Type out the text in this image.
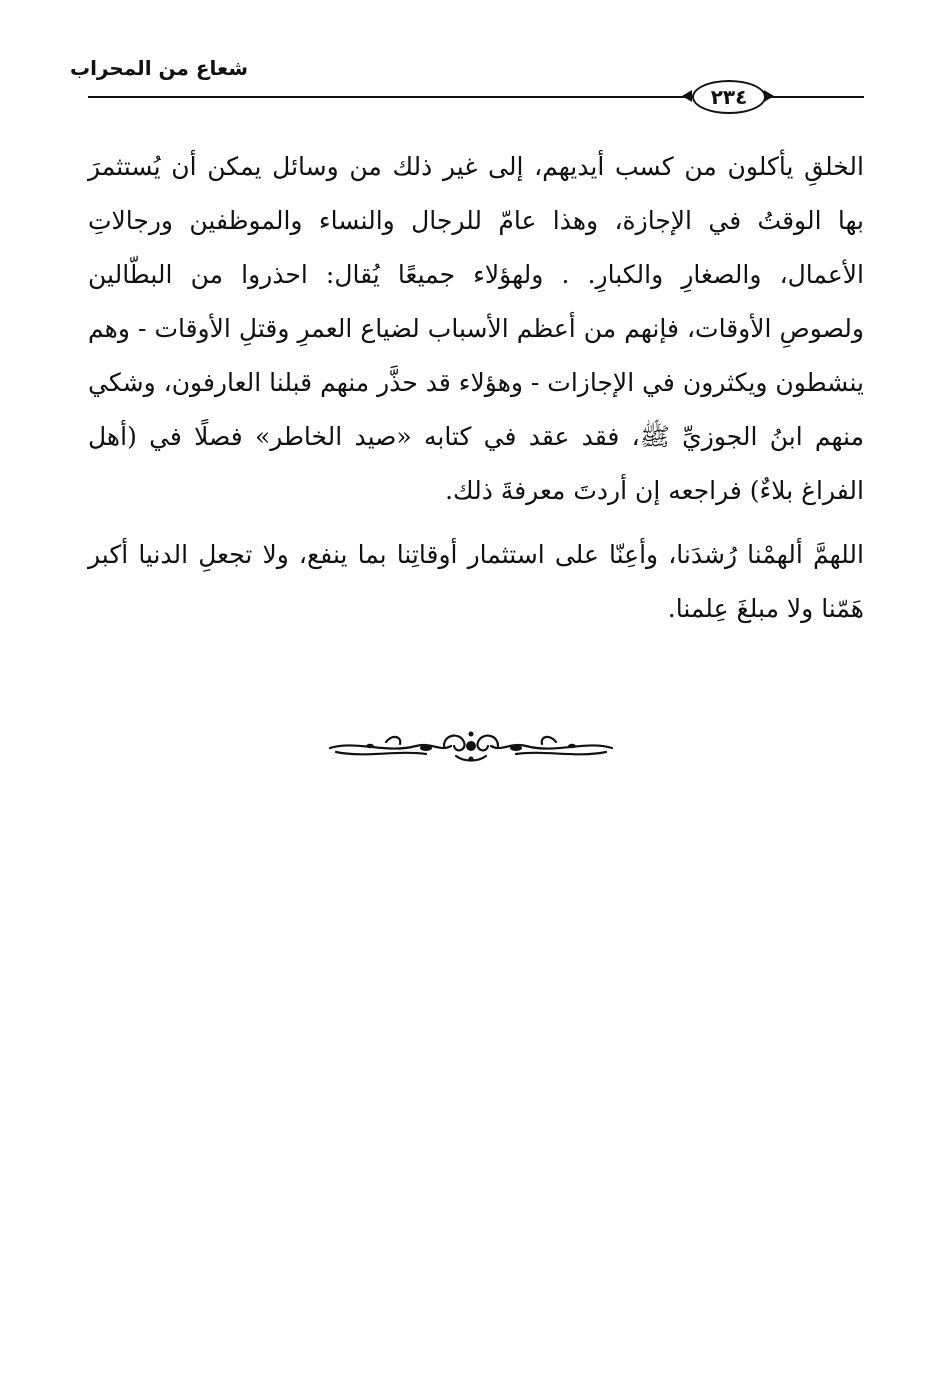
شعاع من المحراب
٢٣٤

الخلقِ يأكلون من كسب أيديهم، إلى غير ذلك من وسائل يمكن أن يُستثمرَ بها الوقتُ في الإجازة، وهذا عامّ للرجال والنساء والموظفين ورجالاتِ الأعمال، والصغارِ والكبارِ. . ولهؤلاء جميعًا يُقال: احذروا من البطّالين ولصوصِ الأوقات، فإنهم من أعظم الأسباب لضياع العمرِ وقتلِ الأوقات - وهم ينشطون ويكثرون في الإجازات - وهؤلاء قد حذَّر منهم قبلنا العارفون، وشكي منهم ابنُ الجوزيِّ ﷺ، فقد عقد في كتابه «صيد الخاطر» فصلًا في (أهل الفراغ بلاءٌ) فراجعه إن أردتَ معرفةَ ذلك.

اللهمَّ ألهمْنا رُشدَنا، وأعِنّا على استثمار أوقاتِنا بما ينفع، ولا تجعلِ الدنيا أكبر هَمّنا ولا مبلغَ عِلمنا.
